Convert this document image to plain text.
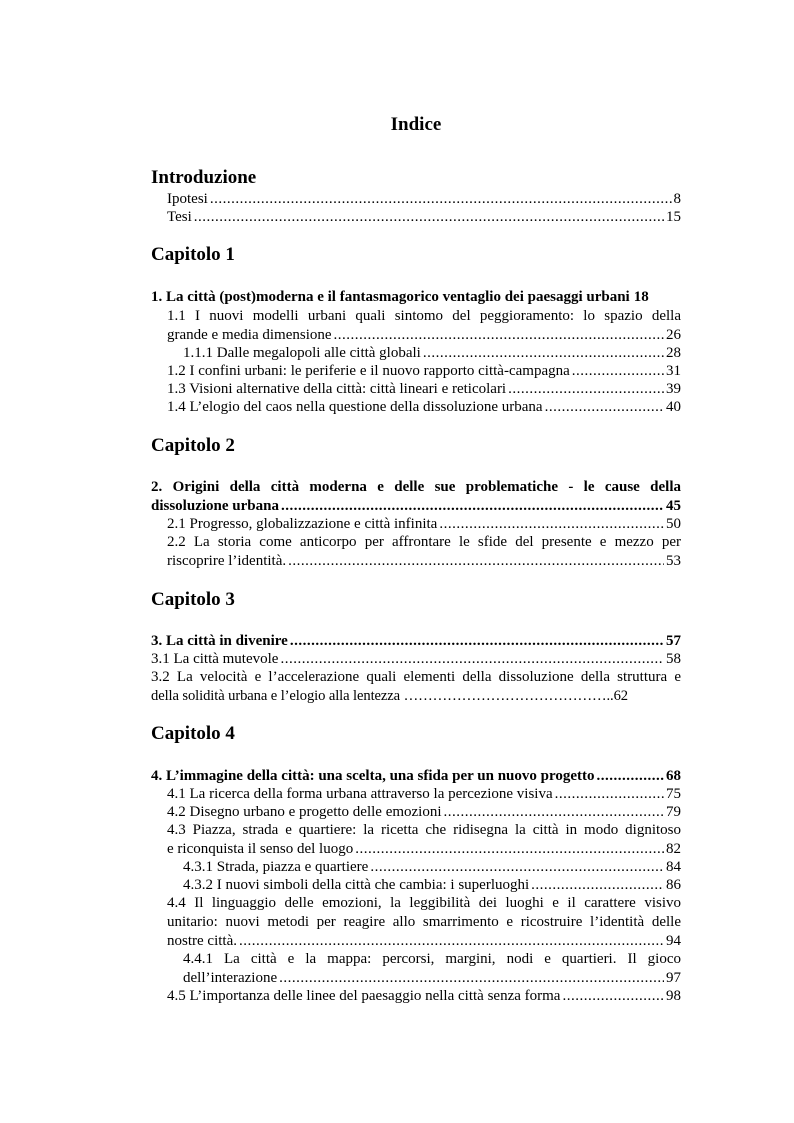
Indice
Introduzione
Ipotesi .....	8
Tesi .....	15
Capitolo 1
1. La città (post)moderna e il fantasmagorico ventaglio dei paesaggi urbani 18
1.1 I nuovi modelli urbani quali sintomo del peggioramento: lo spazio della
grande e media dimensione .....	26
1.1.1 Dalle megalopoli alle città globali .....	28
1.2 I confini urbani: le periferie e il nuovo rapporto città-campagna .....	31
1.3 Visioni alternative della città: città lineari e reticolari .....	39
1.4 L’elogio del caos nella questione della dissoluzione urbana .....	40
Capitolo 2
2. Origini della città moderna e delle sue problematiche - le cause della
dissoluzione urbana .....	45
2.1 Progresso, globalizzazione e città infinita .....	50
2.2 La storia come anticorpo per affrontare le sfide del presente e mezzo per
riscoprire l’identità. .....	53
Capitolo 3
3. La città in divenire .....	57
3.1 La città mutevole .....	58
3.2 La velocità e l’accelerazione quali elementi della dissoluzione della struttura e
della solidità urbana e l’elogio alla lentezza ……………………………………..62
Capitolo 4
4. L’immagine della città: una scelta, una sfida per un nuovo progetto .....	68
4.1 La ricerca della forma urbana attraverso la percezione visiva .....	75
4.2 Disegno urbano e progetto delle emozioni .....	79
4.3 Piazza, strada e quartiere: la ricetta che ridisegna la città in modo dignitoso
e riconquista il senso del luogo .....	82
4.3.1 Strada, piazza e quartiere .....	84
4.3.2 I nuovi simboli della città che cambia: i superluoghi .....	86
4.4 Il linguaggio delle emozioni, la leggibilità dei luoghi e il carattere visivo
unitario: nuovi metodi per reagire allo smarrimento e ricostruire l’identità delle
nostre città. .....	94
4.4.1 La città e la mappa: percorsi, margini, nodi e quartieri. Il gioco
dell’interazione .....	97
4.5 L’importanza delle linee del paesaggio nella città senza forma .....	98
